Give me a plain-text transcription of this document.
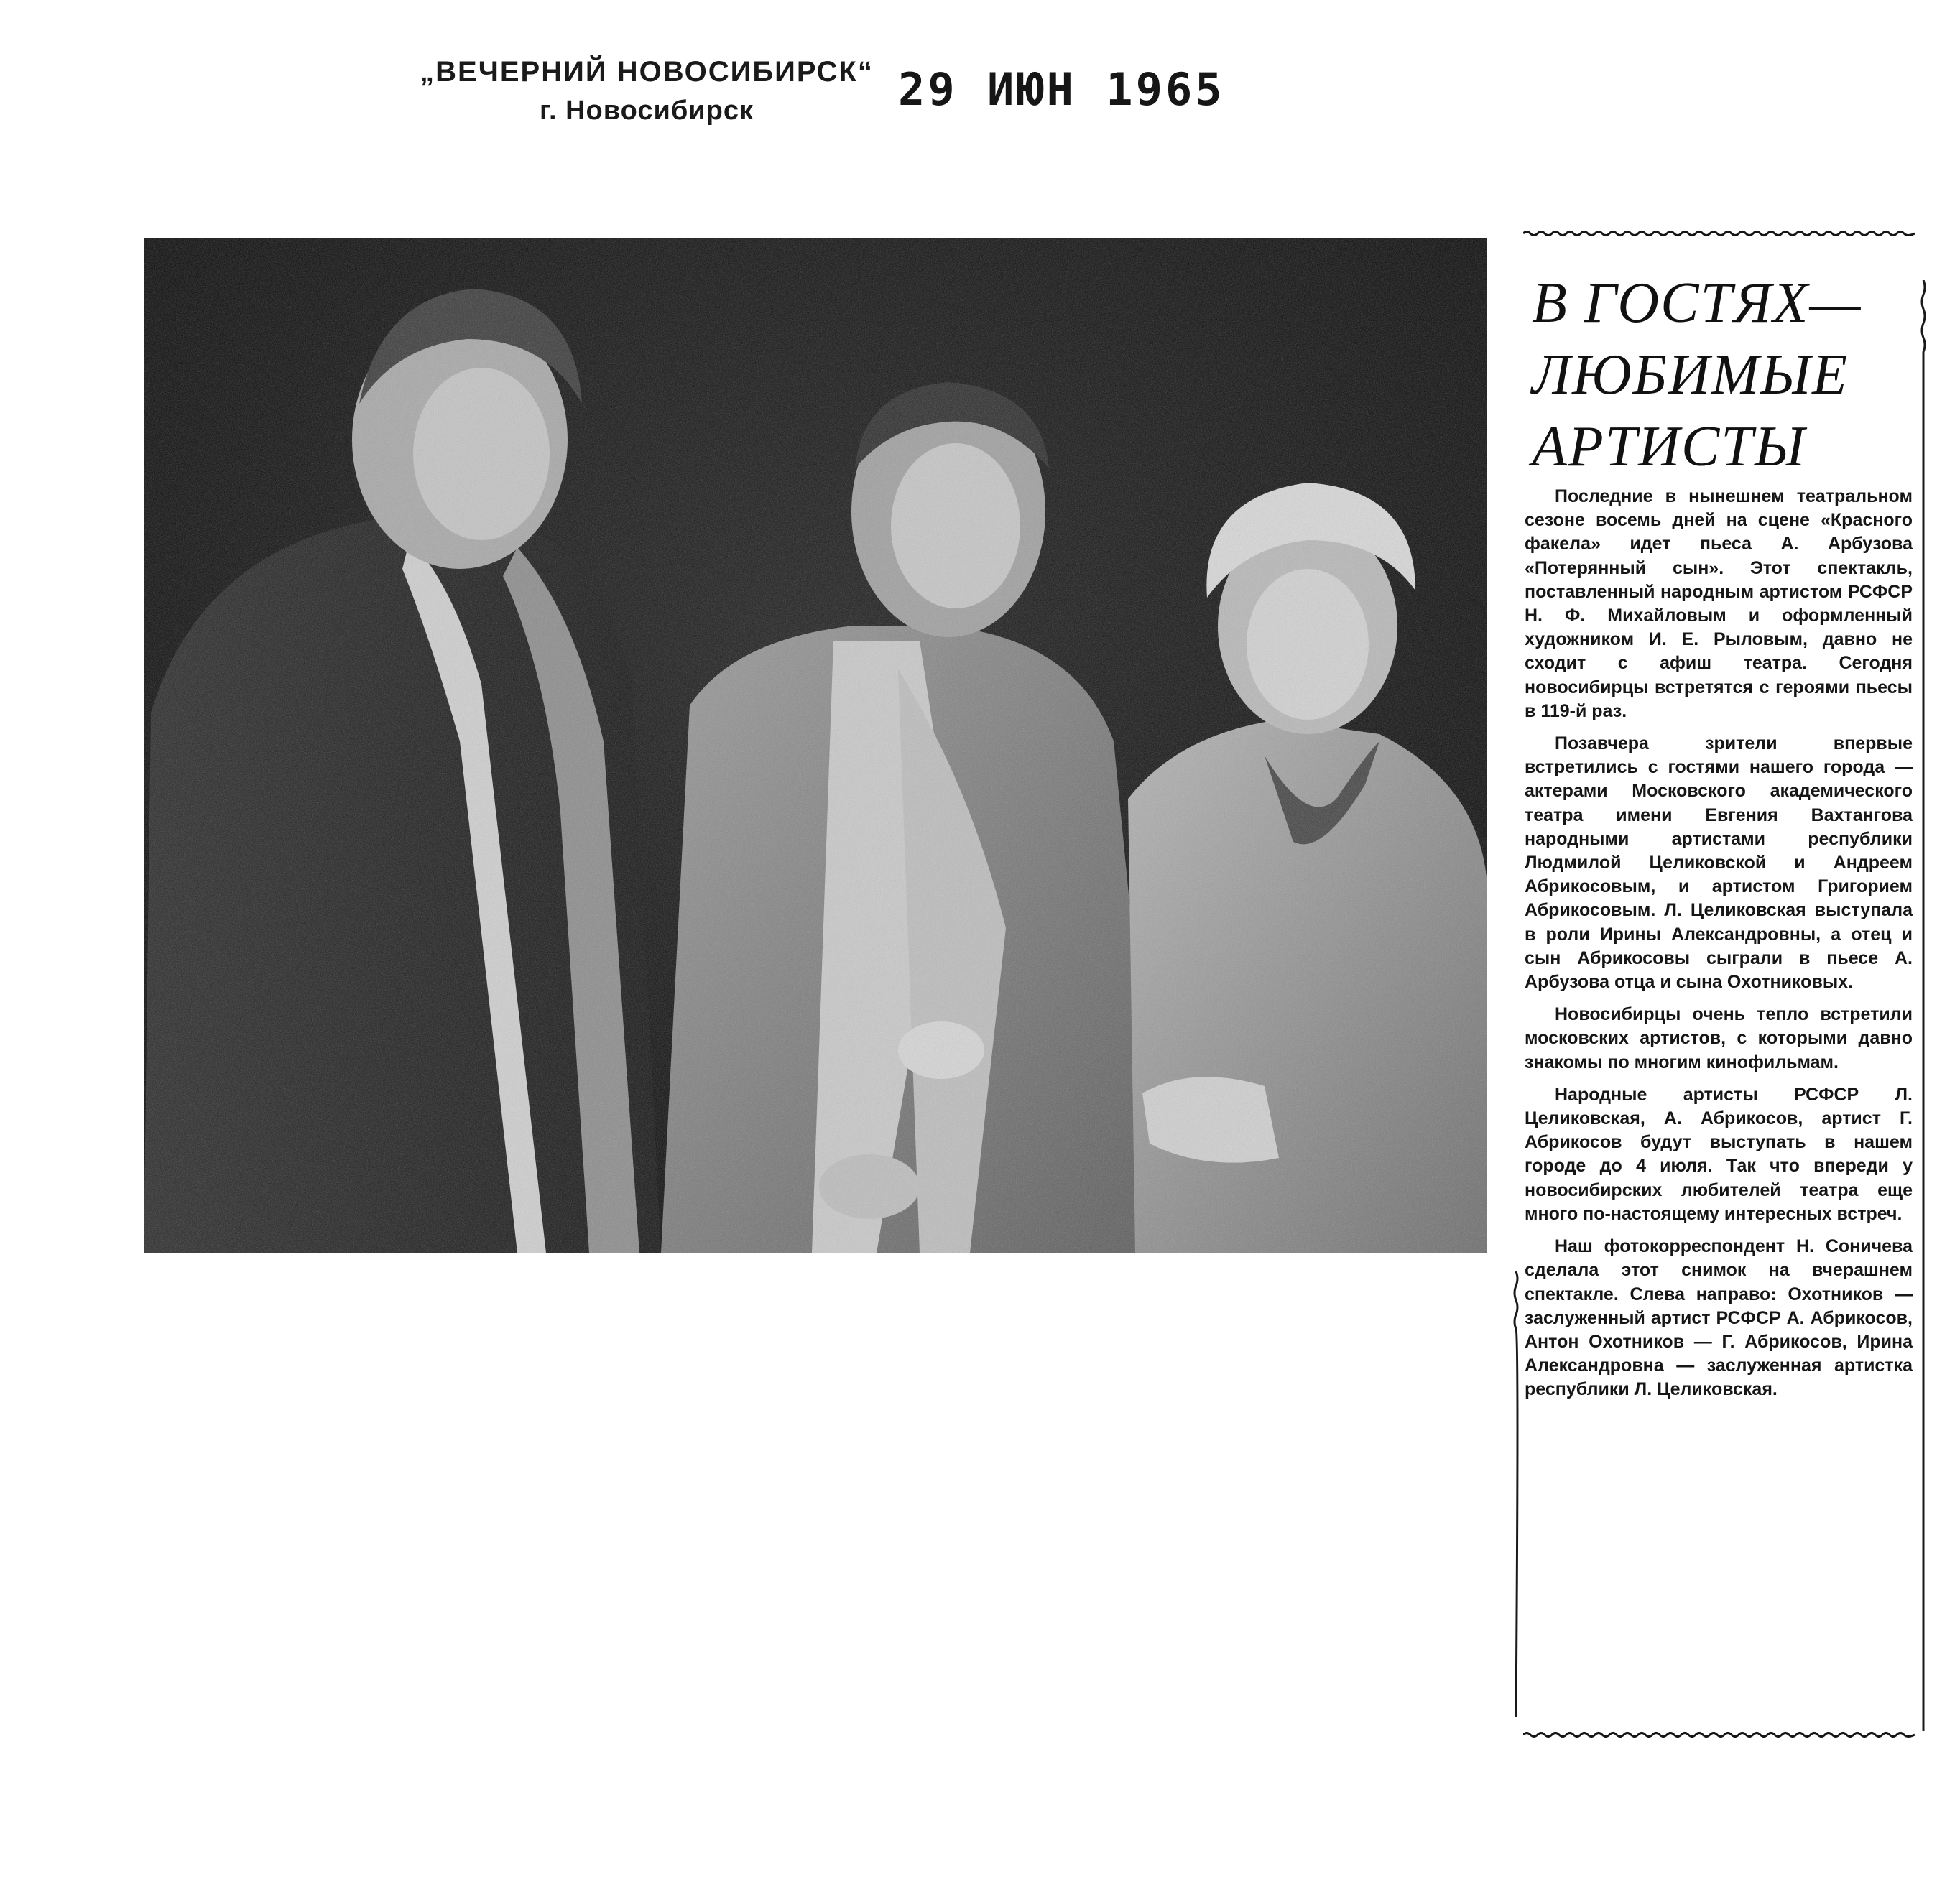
„ВЕЧЕРНИЙ НОВОСИБИРСК“
г. Новосибирск	29 ИЮН 1965
В ГОСТЯХ—
ЛЮБИМЫЕ
АРТИСТЫ

Последние в нынешнем театральном сезоне восемь дней на сцене «Красного факела» идет пьеса А. Арбузова «Потерянный сын». Этот спектакль, поставленный народным артистом РСФСР Н. Ф. Михайловым и оформленный художником И. Е. Рыловым, давно не сходит с афиш театра. Сегодня новосибирцы встретятся с героями пьесы в 119-й раз.

Позавчера зрители впервые встретились с гостями нашего города — актерами Московского академического театра имени Евгения Вахтангова народными артистами республики Людмилой Целиковской и Андреем Абрикосовым, и артистом Григорием Абрикосовым. Л. Целиковская выступала в роли Ирины Александровны, а отец и сын Абрикосовы сыграли в пьесе А. Арбузова отца и сына Охотниковых.

Новосибирцы очень тепло встретили московских артистов, с которыми давно знакомы по многим кинофильмам.

Народные артисты РСФСР Л. Целиковская, А. Абрикосов, артист Г. Абрикосов будут выступать в нашем городе до 4 июля. Так что впереди у новосибирских любителей театра еще много по-настоящему интересных встреч.

Наш фотокорреспондент Н. Соничева сделала этот снимок на вчерашнем спектакле. Слева направо: Охотников — заслуженный артист РСФСР А. Абрикосов, Антон Охотников — Г. Абрикосов, Ирина Александровна — заслуженная артистка республики Л. Целиковская.
